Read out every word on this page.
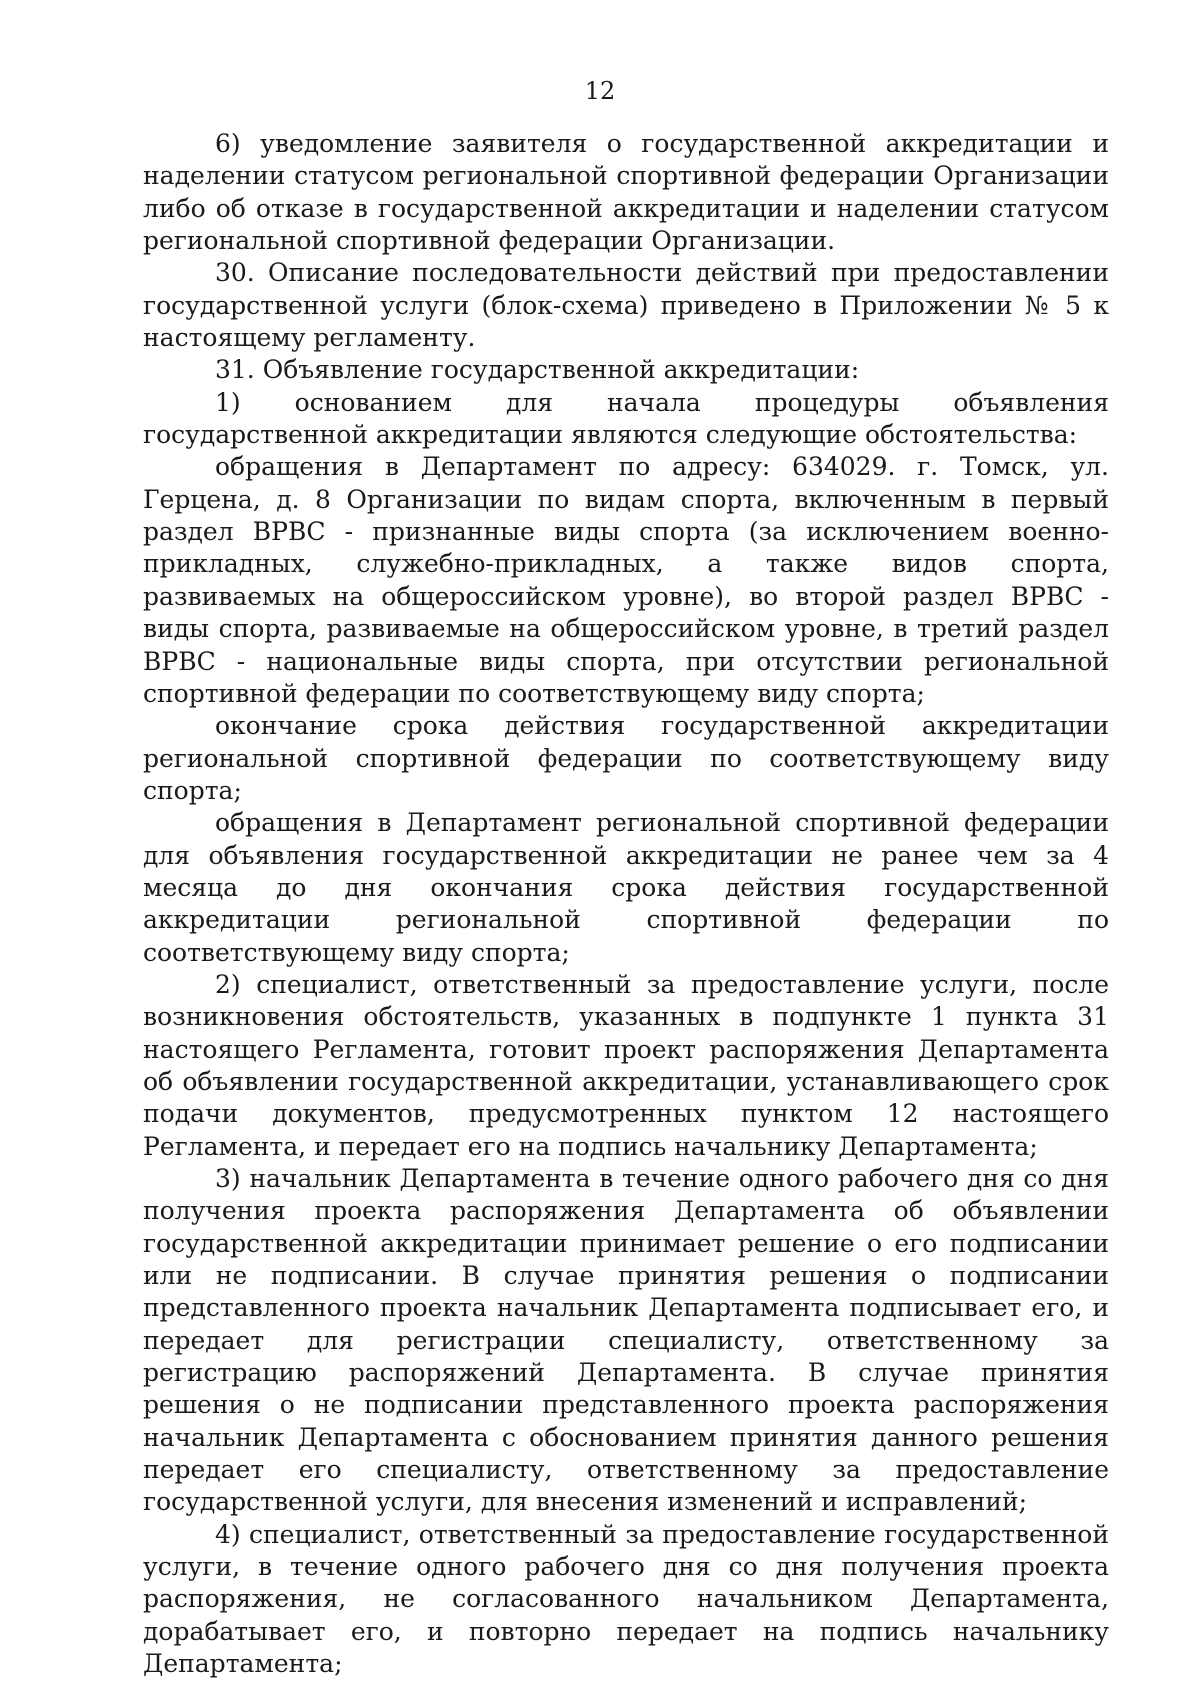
12

6) уведомление заявителя о государственной аккредитации и наделении статусом региональной спортивной федерации Организации либо об отказе в государственной аккредитации и наделении статусом региональной спортивной федерации Организации.

30. Описание последовательности действий при предоставлении государственной услуги (блок-схема) приведено в Приложении № 5 к настоящему регламенту.

31. Объявление государственной аккредитации:

1) основанием для начала процедуры объявления государственной аккредитации являются следующие обстоятельства:

обращения в Департамент по адресу: 634029. г. Томск, ул. Герцена, д. 8 Организации по видам спорта, включенным в первый раздел ВРВС - признанные виды спорта (за исключением военно-прикладных, служебно-прикладных, а также видов спорта, развиваемых на общероссийском уровне), во второй раздел ВРВС - виды спорта, развиваемые на общероссийском уровне, в третий раздел ВРВС - национальные виды спорта, при отсутствии региональной спортивной федерации по соответствующему виду спорта;

окончание срока действия государственной аккредитации региональной спортивной федерации по соответствующему виду спорта;

обращения в Департамент региональной спортивной федерации для объявления государственной аккредитации не ранее чем за 4 месяца до дня окончания срока действия государственной аккредитации региональной спортивной федерации по соответствующему виду спорта;

2) специалист, ответственный за предоставление услуги, после возникновения обстоятельств, указанных в подпункте 1 пункта 31 настоящего Регламента, готовит проект распоряжения Департамента об объявлении государственной аккредитации, устанавливающего срок подачи документов, предусмотренных пунктом 12 настоящего Регламента, и передает его на подпись начальнику Департамента;

3) начальник Департамента в течение одного рабочего дня со дня получения проекта распоряжения Департамента об объявлении государственной аккредитации принимает решение о его подписании или не подписании. В случае принятия решения о подписании представленного проекта начальник Департамента подписывает его, и передает для регистрации специалисту, ответственному за регистрацию распоряжений Департамента. В случае принятия решения о не подписании представленного проекта распоряжения начальник Департамента с обоснованием принятия данного решения передает его специалисту, ответственному за предоставление государственной услуги, для внесения изменений и исправлений;

4) специалист, ответственный за предоставление государственной услуги, в течение одного рабочего дня со дня получения проекта распоряжения, не согласованного начальником Департамента, дорабатывает его, и повторно передает на подпись начальнику Департамента;
